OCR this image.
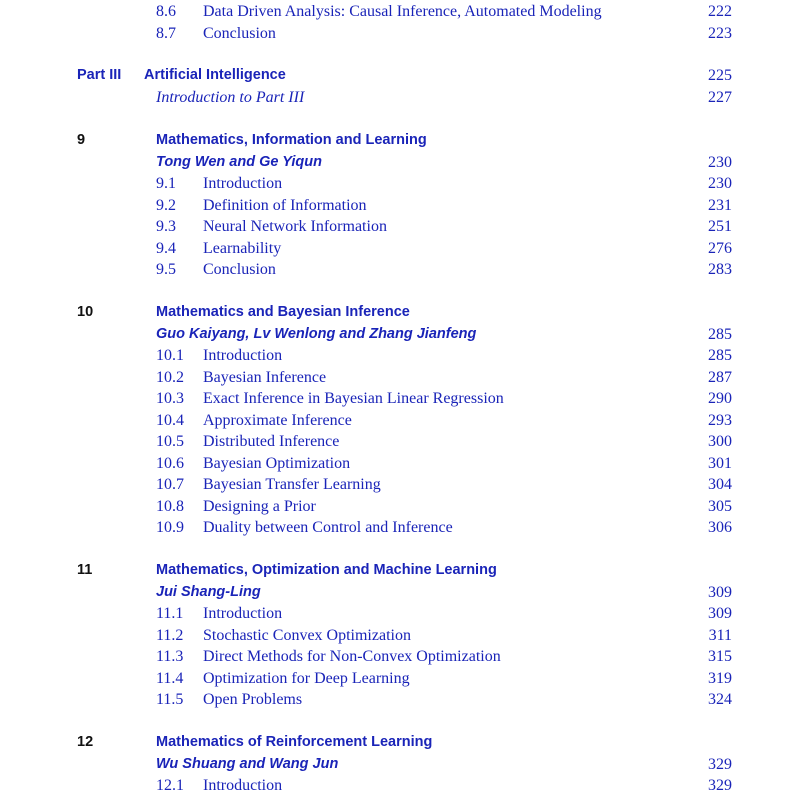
8.6 Data Driven Analysis: Causal Inference, Automated Modeling	222
8.7 Conclusion	223
Part III Artificial Intelligence	225
Introduction to Part III	227
9	Mathematics, Information and Learning
Tong Wen and Ge Yiqun	230
9.1 Introduction	230
9.2 Definition of Information	231
9.3 Neural Network Information	251
9.4 Learnability	276
9.5 Conclusion	283
10	Mathematics and Bayesian Inference
Guo Kaiyang, Lv Wenlong and Zhang Jianfeng	285
10.1 Introduction	285
10.2 Bayesian Inference	287
10.3 Exact Inference in Bayesian Linear Regression	290
10.4 Approximate Inference	293
10.5 Distributed Inference	300
10.6 Bayesian Optimization	301
10.7 Bayesian Transfer Learning	304
10.8 Designing a Prior	305
10.9 Duality between Control and Inference	306
11	Mathematics, Optimization and Machine Learning
Jui Shang-Ling	309
11.1 Introduction	309
11.2 Stochastic Convex Optimization	311
11.3 Direct Methods for Non-Convex Optimization	315
11.4 Optimization for Deep Learning	319
11.5 Open Problems	324
12	Mathematics of Reinforcement Learning
Wu Shuang and Wang Jun	329
12.1 Introduction	329
